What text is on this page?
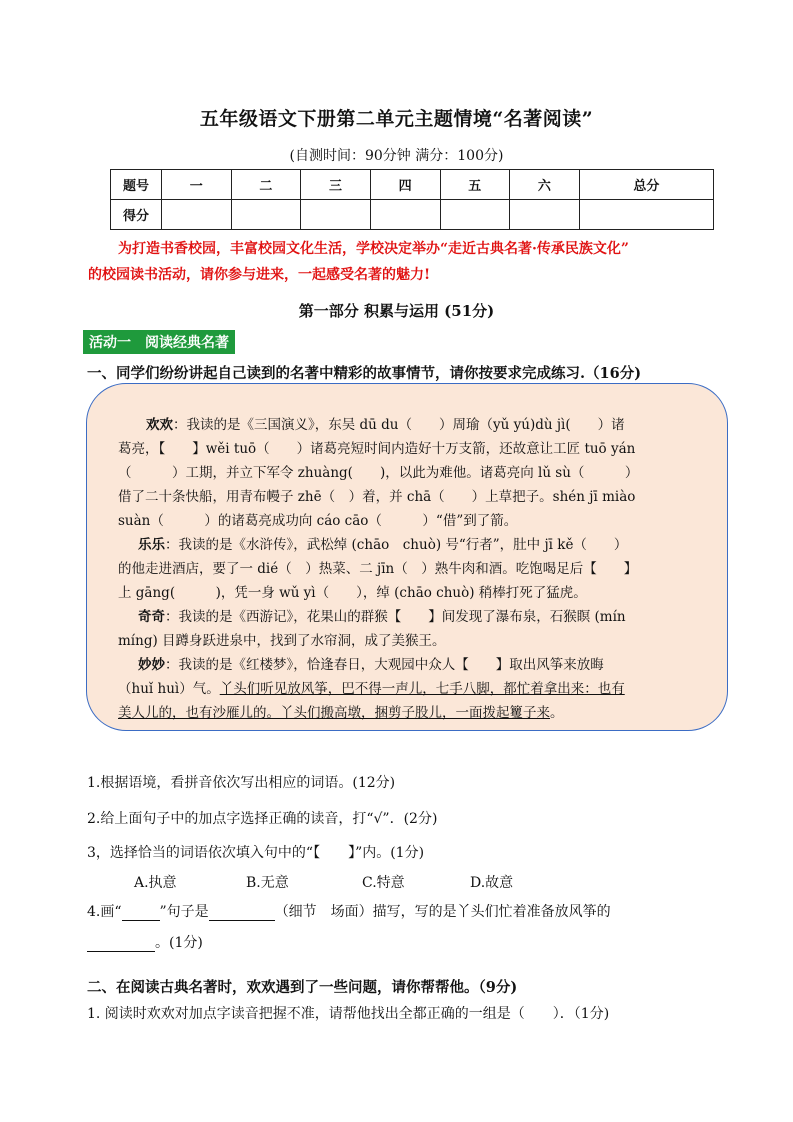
五年级语文下册第二单元主题情境“名著阅读”
(自测时间：90分钟 满分：100分)
题号	一	二	三	四	五	六	总分
得分							
为打造书香校园，丰富校园文化生活，学校决定举办“走近古典名著·传承民族文化”
的校园读书活动，请你参与进来，一起感受名著的魅力!
第一部分 积累与运用 (51分)
活动一　阅读经典名著
一、同学们纷纷讲起自己读到的名著中精彩的故事情节，请你按要求完成练习.（16分)
欢欢：我读的是《三国演义》，东吴 dū du（　　）周瑜（yǔ yú)dù jì(　　）诸
葛亮，【　　】wěi tuō（　　）诸葛亮短时间内造好十万支箭，还故意让工匠 tuō yán
（　　　）工期，并立下军令 zhuàng(　　)，以此为难他。诸葛亮向 lǔ sù（　　　）
借了二十条快船，用青布幔子 zhē（　）着，并 chā（　　）上草把子。shén jī miào
suàn（　　　）的诸葛亮成功向 cáo cāo（　　　）“借”到了箭。
乐乐：我读的是《水浒传》，武松绰 (chāo　chuò) 号“行者”，肚中 jī kě（　　）
的他走进酒店，要了一 dié（　）热菜、二 jīn（　）熟牛肉和酒。吃饱喝足后【　　】
上 gāng(　　　)，凭一身 wǔ yì（　　），绰 (chāo chuò) 稍棒打死了猛虎。
奇奇：我读的是《西游记》，花果山的群猴【　　】间发现了瀑布泉，石猴瞑 (mín
míng) 目蹲身跃进泉中，找到了水帘洞，成了美猴王。
妙妙：我读的是《红楼梦》，恰逢春日，大观园中众人【　　】取出风筝来放晦
（huǐ huì）气。丫头们听见放风筝，巴不得一声儿，七手八脚，都忙着拿出来：也有
美人儿的，也有沙雁儿的。丫头们搬高墩，捆剪子股儿，一面拨起籰子来。
1.根据语境，看拼音依次写出相应的词语。(12分)
2.给上面句子中的加点字选择正确的读音，打“√”．(2分)
3，选择恰当的词语依次填入句中的“【　　】”内。(1分)
A.执意	B.无意	C.特意	D.故意
4.画“	”句子是	（细节　场面）描写，写的是丫头们忙着准备放风筝的
。(1分)
二、在阅读古典名著时，欢欢遇到了一些问题，请你帮帮他。（9分)
1. 阅读时欢欢对加点字读音把握不准，请帮他找出全都正确的一组是（　　）．（1分)
